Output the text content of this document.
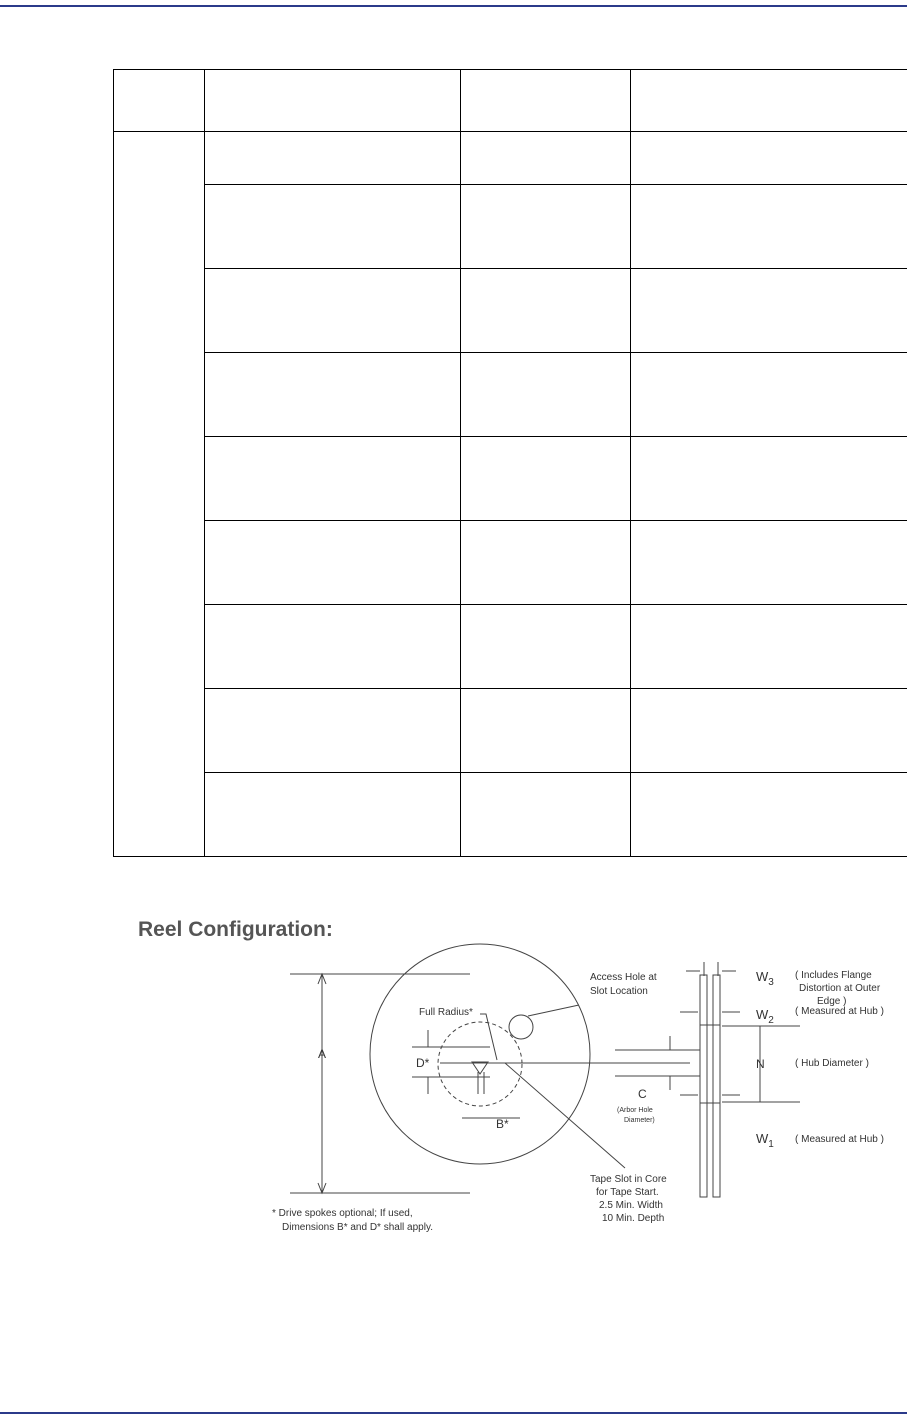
Reel Configuration:
A
D*
B*
Full Radius*
Access Hole at
Slot Location
C
(Arbor Hole
Diameter)
Tape Slot in Core
for Tape Start.
2.5 Min. Width
10 Min. Depth
$W_3$
$W_2$
N
$W_1$
( Includes Flange
Distortion at Outer
Edge )
( Measured at Hub )
( Hub Diameter )
( Measured at Hub )
* Drive spokes optional; If used,
Dimensions B* and D* shall apply.
